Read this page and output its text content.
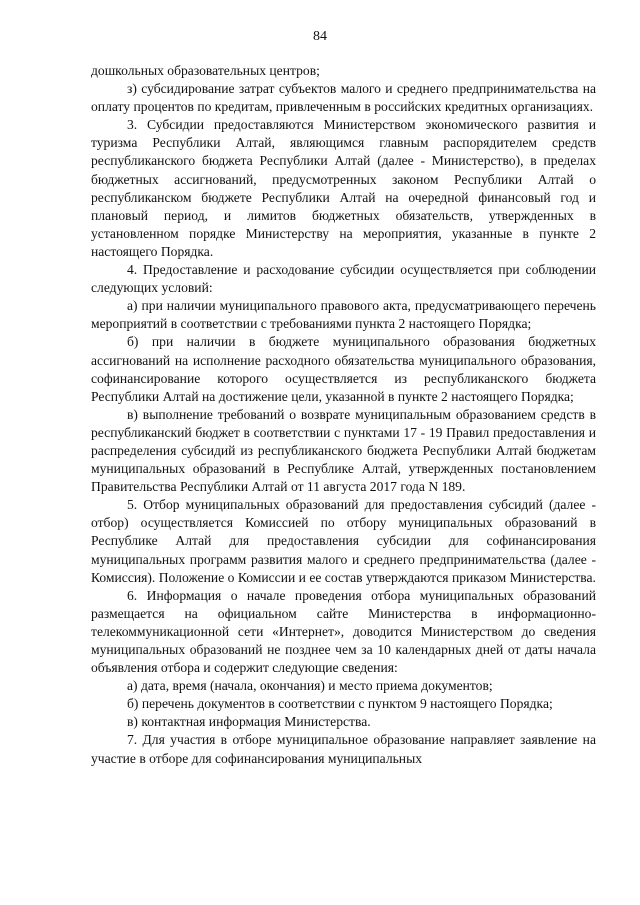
84

дошкольных образовательных центров;

з) субсидирование затрат субъектов малого и среднего предпринимательства на оплату процентов по кредитам, привлеченным в российских кредитных организациях.

3. Субсидии предоставляются Министерством экономического развития и туризма Республики Алтай, являющимся главным распорядителем средств республиканского бюджета Республики Алтай (далее - Министерство), в пределах бюджетных ассигнований, предусмотренных законом Республики Алтай о республиканском бюджете Республики Алтай на очередной финансовый год и плановый период, и лимитов бюджетных обязательств, утвержденных в установленном порядке Министерству на мероприятия, указанные в пункте 2 настоящего Порядка.

4. Предоставление и расходование субсидии осуществляется при соблюдении следующих условий:

а) при наличии муниципального правового акта, предусматривающего перечень мероприятий в соответствии с требованиями пункта 2 настоящего Порядка;

б) при наличии в бюджете муниципального образования бюджетных ассигнований на исполнение расходного обязательства муниципального образования, софинансирование которого осуществляется из республиканского бюджета Республики Алтай на достижение цели, указанной в пункте 2 настоящего Порядка;

в) выполнение требований о возврате муниципальным образованием средств в республиканский бюджет в соответствии с пунктами 17 - 19 Правил предоставления и распределения субсидий из республиканского бюджета Республики Алтай бюджетам муниципальных образований в Республике Алтай, утвержденных постановлением Правительства Республики Алтай от 11 августа 2017 года N 189.

5. Отбор муниципальных образований для предоставления субсидий (далее - отбор) осуществляется Комиссией по отбору муниципальных образований в Республике Алтай для предоставления субсидии для софинансирования муниципальных программ развития малого и среднего предпринимательства (далее - Комиссия). Положение о Комиссии и ее состав утверждаются приказом Министерства.

6. Информация о начале проведения отбора муниципальных образований размещается на официальном сайте Министерства в информационно-телекоммуникационной сети «Интернет», доводится Министерством до сведения муниципальных образований не позднее чем за 10 календарных дней от даты начала объявления отбора и содержит следующие сведения:

а) дата, время (начала, окончания) и место приема документов;

б) перечень документов в соответствии с пунктом 9 настоящего Порядка;

в) контактная информация Министерства.

7. Для участия в отборе муниципальное образование направляет заявление на участие в отборе для софинансирования муниципальных
